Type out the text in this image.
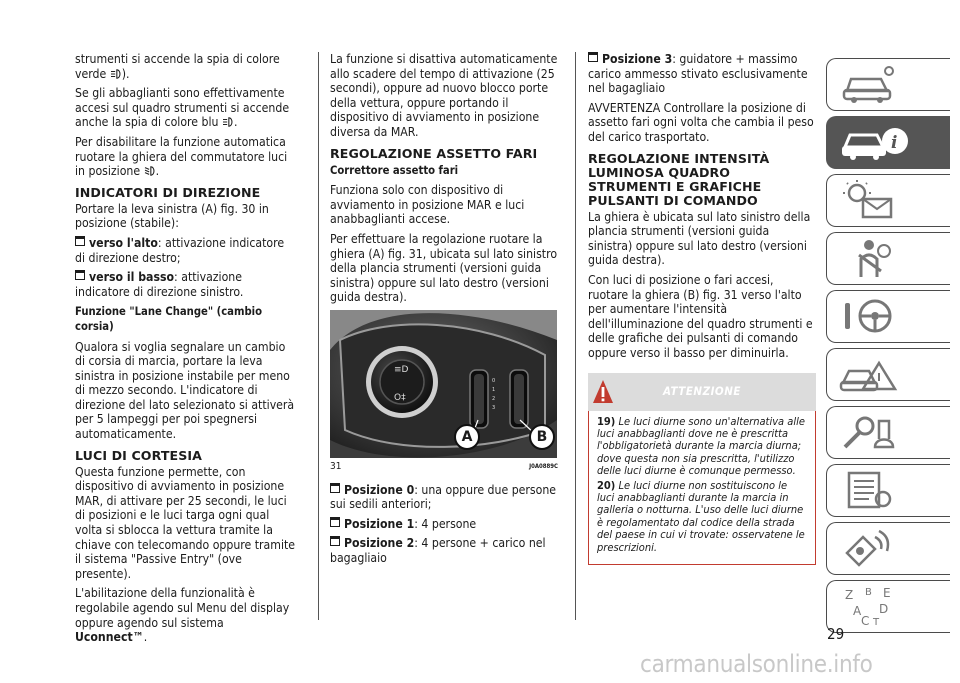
strumenti si accende la spia di colore verde ).

Se gli abbaglianti sono effettivamente accesi sul quadro strumenti si accende anche la spia di colore blu .

Per disabilitare la funzione automatica ruotare la ghiera del commutatore luci in posizione .

INDICATORI DI DIREZIONE

Portare la leva sinistra (A) fig. 30 in posizione (stabile):

verso l'alto: attivazione indicatore di direzione destro;

verso il basso: attivazione indicatore di direzione sinistro.

Funzione "Lane Change" (cambio corsia)

Qualora si voglia segnalare un cambio di corsia di marcia, portare la leva sinistra in posizione instabile per meno di mezzo secondo. L'indicatore di direzione del lato selezionato si attiverà per 5 lampeggi per poi spegnersi automaticamente.

LUCI DI CORTESIA

Questa funzione permette, con dispositivo di avviamento in posizione MAR, di attivare per 25 secondi, le luci di posizioni e le luci targa ogni qual volta si sblocca la vettura tramite la chiave con telecomando oppure tramite il sistema "Passive Entry" (ove presente).

L'abilitazione della funzionalità è regolabile agendo sul Menu del display oppure agendo sul sistema Uconnect™.

La funzione si disattiva automaticamente allo scadere del tempo di attivazione (25 secondi), oppure ad nuovo blocco porte della vettura, oppure portando il dispositivo di avviamento in posizione diversa da MAR.

REGOLAZIONE ASSETTO FARI
Correttore assetto fari

Funziona solo con dispositivo di avviamento in posizione MAR e luci anabbaglianti accese.

Per effettuare la regolazione ruotare la ghiera (A) fig. 31, ubicata sul lato sinistro della plancia strumenti (versioni guida sinistra) oppure sul lato destro (versioni guida destra).

≡D
O‡
0
1
2
3
A	B
31	J0A0889C

Posizione 0: una oppure due persone sui sedili anteriori;

Posizione 1: 4 persone

Posizione 2: 4 persone + carico nel bagagliaio

Posizione 3: guidatore + massimo carico ammesso stivato esclusivamente nel bagagliaio

AVVERTENZA Controllare la posizione di assetto fari ogni volta che cambia il peso del carico trasportato.

REGOLAZIONE INTENSITÀ LUMINOSA QUADRO STRUMENTI E GRAFICHE PULSANTI DI COMANDO

La ghiera è ubicata sul lato sinistro della plancia strumenti (versioni guida sinistra) oppure sul lato destro (versioni guida destra).

Con luci di posizione o fari accesi, ruotare la ghiera (B) fig. 31 verso l'alto per aumentare l'intensità dell'illuminazione del quadro strumenti e delle grafiche dei pulsanti di comando oppure verso il basso per diminuirla.

ATTENZIONE

19) Le luci diurne sono un'alternativa alle luci anabbaglianti dove ne è prescritta l'obbligatorietà durante la marcia diurna; dove questa non sia prescritta, l'utilizzo delle luci diurne è comunque permesso.

20) Le luci diurne non sostituiscono le luci anabbaglianti durante la marcia in galleria o notturna. L'uso delle luci diurne è regolamentato dal codice della strada del paese in cui vi trovate: osservatene le prescrizioni.

i
Z B E
A D
C T
29
carmanualsonline.info
